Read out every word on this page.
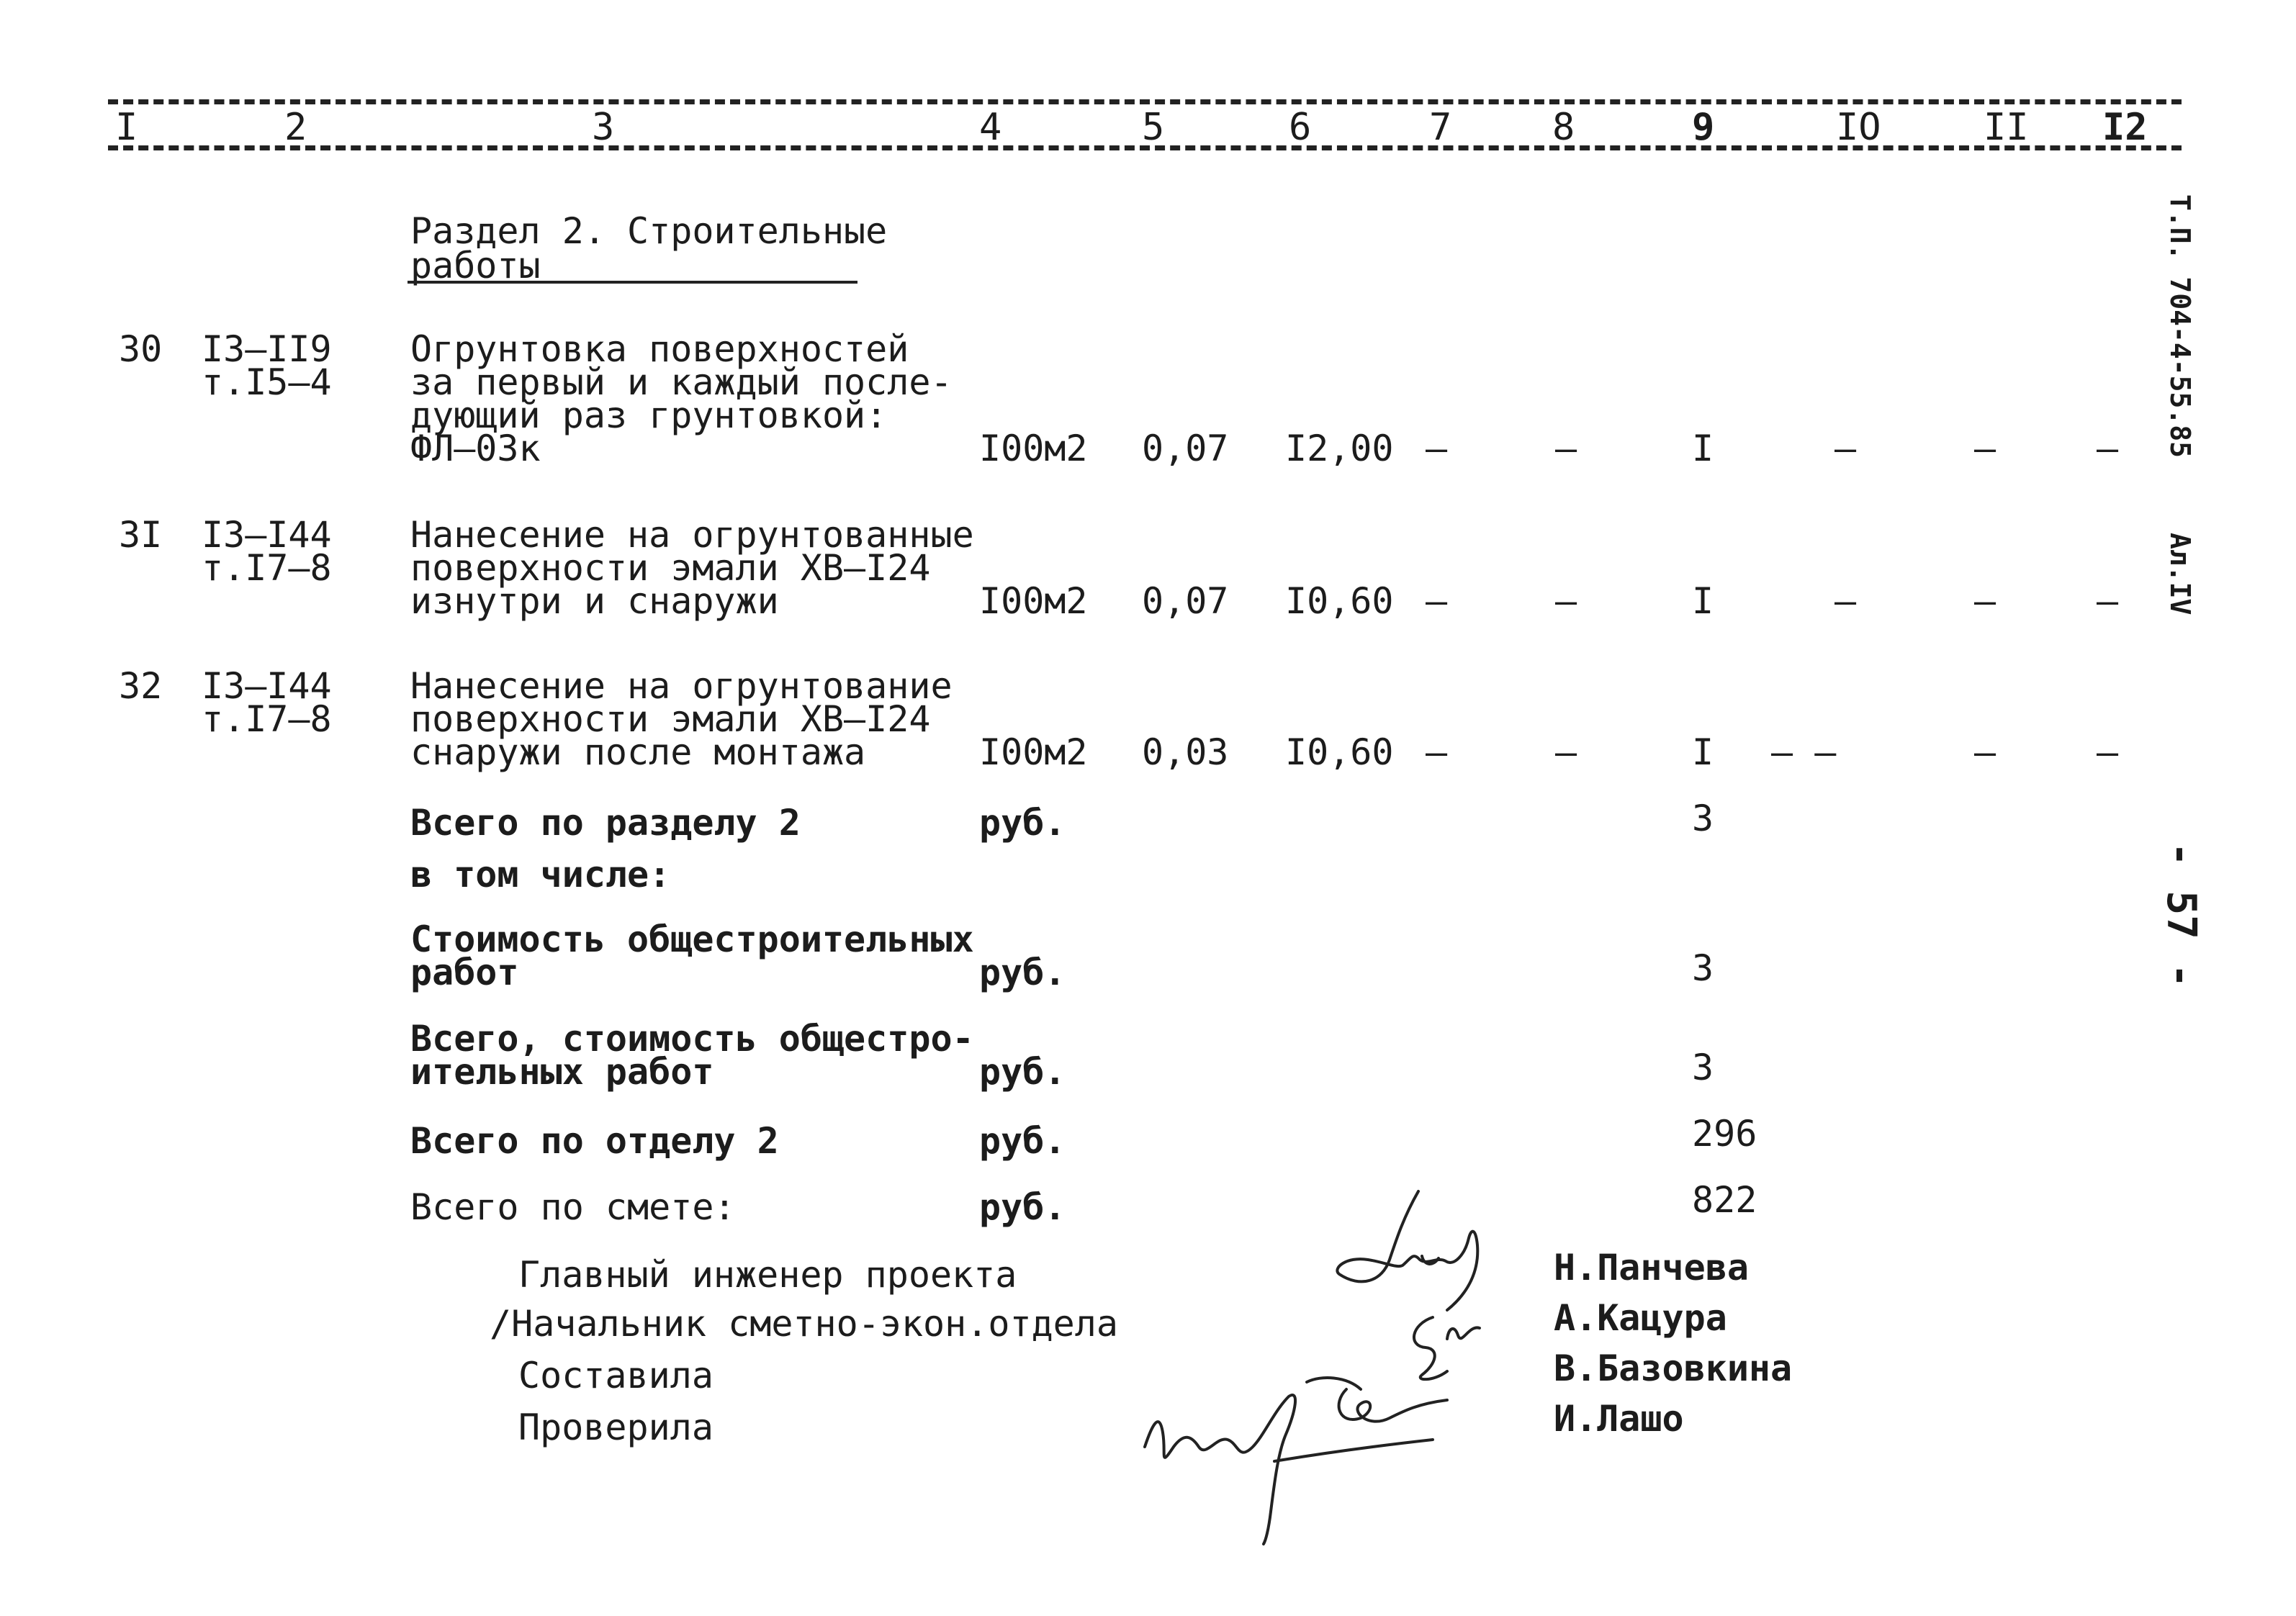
I	2	3	4	5	6	7	8	9	IO	II I2
Раздел 2. Строительные
работы
30 I3–II9
т.I5–4
Огрунтовка поверхностей
за первый и каждый после-
дующий раз грунтовкой:
ФЛ–03к	I00м2 0,07 I2,00 –	–	I	–	–	–
3I I3–I44
т.I7–8
Нанесение на огрунтованные
поверхности эмали ХВ–I24
изнутри и снаружи	I00м2 0,07 I0,60 –	–	I	–	–	–
32 I3–I44
т.I7–8
Нанесение на огрунтование
поверхности эмали ХВ–I24
снаружи после монтажа	I00м2 0,03 I0,60 –	–	I – –	–	–
Всего по разделу 2	руб.	3
в том числе:
Стоимость общестроительных
работ	руб.	3
Всего, стоимость общестро-
ительных работ	руб.	3
Всего по отделу 2	руб.	296
Всего по смете:	руб.	822
Главный инженер проекта
/Начальник сметно-экон.отдела
Составила
Проверила
Н.Панчева
А.Кацура
В.Базовкина
И.Лашо
Т.П. 704-4-55.85
Ал.IV
- 57 -
